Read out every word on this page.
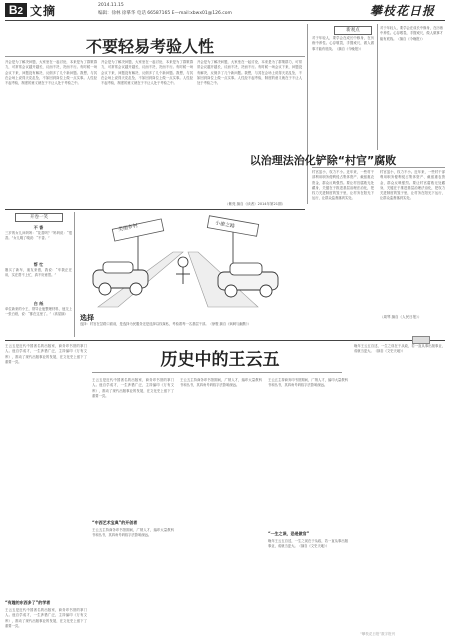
B2 文摘	2014.11.15
编辑：徐林 徐摹华 电话 66587165 E—mail:xbwx01@126.com	攀枝花日报
不要轻易考验人性
开会是为了解决问题，大家坐在一起讨论，本来是为了群策群力，可常常会议越开越长，议而不决，决而不行。有时候一场会议下来，问题没有解决，反倒多了几个新问题。我想，与其在会场上说得天花乱坠，不如回到岗位上做一点实事。人性经不起考验，制度的意义就在于不让人处于考验之中。
开会是为了解决问题，大家坐在一起讨论，本来是为了群策群力，可常常会议越开越长，议而不决，决而不行。有时候一场会议下来，问题没有解决，反倒多了几个新问题。我想，与其在会场上说得天花乱坠，不如回到岗位上做一点实事。人性经不起考验，制度的意义就在于不让人处于考验之中。
开会是为了解决问题，大家坐在一起讨论，本来是为了群策群力，可常常会议越开越长，议而不决，决而不行。有时候一场会议下来，问题没有解决，反倒多了几个新问题。我想，与其在会场上说得天花乱坠，不如回到岗位上做一点实事。人性经不起考验，制度的意义就在于不让人处于考验之中。
（紫苑 摘自《读者》2014年第21期）
新观点
对于年轻人，要学会在成长中修身，在历练中养性。心存敬畏，手握戒尺，做人做事才能有底线。（摘自《今晚报》）
对于年轻人，要学会在成长中修身，在历练中养性。心存敬畏，手握戒尺，做人做事才能有底线。（摘自《今晚报》）
以治理法治化铲除“村官”腐败
村官虽小，权力不小。近年来，一些村干部利用职务便利侵占集体资产、截留惠农资金，群众反映强烈。要让村官腐败无处藏身，关键在于推进基层治理法治化，把权力关进制度的笼子里，让村务在阳光下运行，让群众监督落到实处。
村官虽小，权力不小。近年来，一些村干部利用职务便利侵占集体资产、截留惠农资金，群众反映强烈。要让村官腐败无处藏身，关键在于推进基层治理法治化，把权力关进制度的笼子里，让村务在阳光下运行，让群众监督落到实处。
（周琴 摘自《人民日报》）
开卷一笑
不 香
三岁的女儿问妈妈：“花香吗？”妈妈说：“很香。”女儿嗅了嗅说：“不香。”
帮 忙
刚买了新车，朋友来借，我说：“车我正在用，实在帮不上忙，真不好意思。”
白 纸
单位新来的小王，领导让他整理材料，他交上一张白纸，说：“都在这里了。”（高星摘）
美丽乡村	小康之路
选择
选择：村官在岔路口面前，是选择为民服务还是选择以权谋私，考验着每一名基层干部。（徐骏 摘自《讽刺与幽默》）
王云五是近代中国著名的出版家，商务印书馆的掌门人。他自学成才，一生涉猎广泛，主持编印《万有文库》，推动了现代出版事业的发展，在文化史上留下了重要一页。
“有趣的东西多了”的学者
王云五是近代中国著名的出版家，商务印书馆的掌门人。他自学成才，一生涉猎广泛，主持编印《万有文库》，推动了现代出版事业的发展，在文化史上留下了重要一页。
历史中的王云五
王云五是近代中国著名的出版家，商务印书馆的掌门人。他自学成才，一生涉猎广泛，主持编印《万有文库》，推动了现代出版事业的发展，在文化史上留下了重要一页。
“中西艺术宝典”的开创者
王云五主持商务印书馆期间，广纳人才，编印大量教科书和丛书，其四角号码检字法影响深远。
王云五主持商务印书馆期间，广纳人才，编印大量教科书和丛书，其四角号码检字法影响深远。
王云五主持商务印书馆期间，广纳人才，编印大量教科书和丛书，其四角号码检字法影响深远。
“一生之误，恐是做官”
晚年王云五自述，一生之误在于从政，若一直从事出版事业，成就当更大。（摘自《文史天地》）
晚年王云五自述，一生之误在于从政，若一直从事出版事业，成就当更大。（摘自《文史天地》）
“攀枝花日报”数字报刊
